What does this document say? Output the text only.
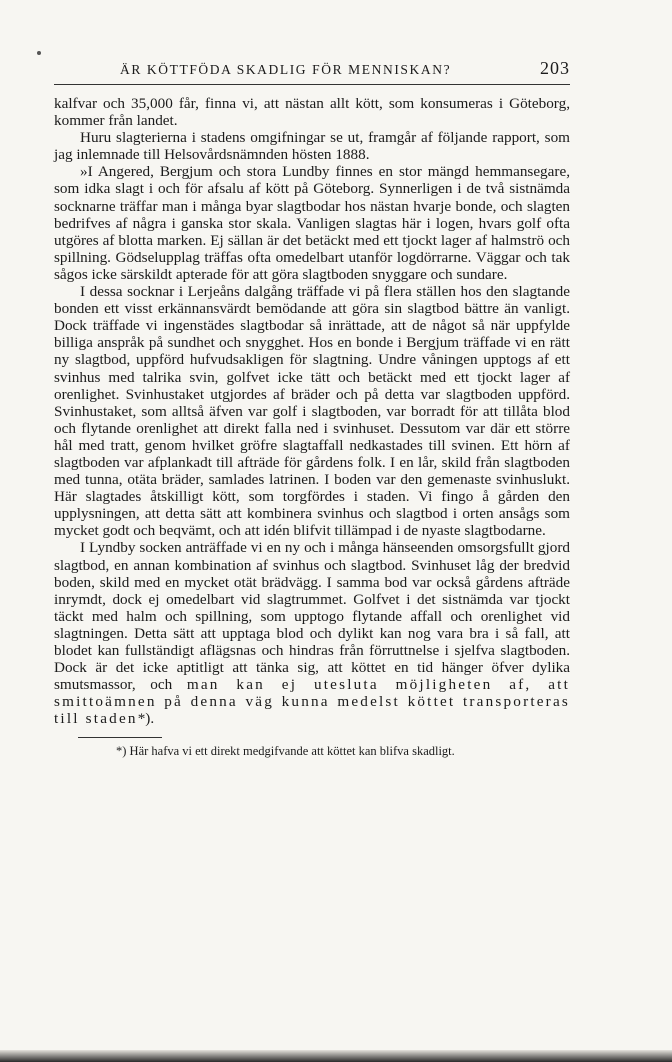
ÄR KÖTTFÖDA SKADLIG FÖR MENNISKAN?	203

kalfvar och 35,000 får, finna vi, att nästan allt kött, som konsumeras i Göteborg, kommer från landet.

Huru slagterierna i stadens omgifningar se ut, framgår af följande rapport, som jag inlemnade till Helsovårdsnämnden hösten 1888.

»I Angered, Bergjum och stora Lundby finnes en stor mängd hemmansegare, som idka slagt i och för afsalu af kött på Göteborg. Synnerligen i de två sistnämda socknarne träffar man i många byar slagtbodar hos nästan hvarje bonde, och slagten bedrifves af några i ganska stor skala. Vanligen slagtas här i logen, hvars golf ofta utgöres af blotta marken. Ej sällan är det betäckt med ett tjockt lager af halmströ och spillning. Gödselupplag träffas ofta omedelbart utanför logdörrarne. Väggar och tak sågos icke särskildt apterade för att göra slagtboden snyggare och sundare.

I dessa socknar i Lerjeåns dalgång träffade vi på flera ställen hos den slagtande bonden ett visst erkännansvärdt bemödande att göra sin slagtbod bättre än vanligt. Dock träffade vi ingenstädes slagtbodar så inrättade, att de något så när uppfylde billiga anspråk på sundhet och snygghet. Hos en bonde i Bergjum träffade vi en rätt ny slagtbod, uppförd hufvudsakligen för slagtning. Undre våningen upptogs af ett svinhus med talrika svin, golfvet icke tätt och betäckt med ett tjockt lager af orenlighet. Svinhustaket utgjordes af bräder och på detta var slagtboden uppförd. Svinhustaket, som alltså äfven var golf i slagtboden, var borradt för att tillåta blod och flytande orenlighet att direkt falla ned i svinhuset. Dessutom var där ett större hål med tratt, genom hvilket gröfre slagtaffall nedkastades till svinen. Ett hörn af slagtboden var afplankadt till afträde för gårdens folk. I en lår, skild från slagtboden med tunna, otäta bräder, samlades latrinen. I boden var den gemenaste svinhuslukt. Här slagtades åtskilligt kött, som torgfördes i staden. Vi fingo å gården den upplysningen, att detta sätt att kombinera svinhus och slagtbod i orten ansågs som mycket godt och beqvämt, och att idén blifvit tillämpad i de nyaste slagtbodarne.

I Lyndby socken anträffade vi en ny och i många hänseenden omsorgsfullt gjord slagtbod, en annan kombination af svinhus och slagtbod. Svinhuset låg der bredvid boden, skild med en mycket otät brädvägg. I samma bod var också gårdens afträde inrymdt, dock ej omedelbart vid slagtrummet. Golfvet i det sistnämda var tjockt täckt med halm och spillning, som upptogo flytande affall och orenlighet vid slagtningen. Detta sätt att upptaga blod och dylikt kan nog vara bra i så fall, att blodet kan fullständigt aflägsnas och hindras från förruttnelse i sjelfva slagtboden. Dock är det icke aptitligt att tänka sig, att köttet en tid hänger öfver dylika smutsmassor, och man kan ej utesluta möjligheten af, att smittoämnen på denna väg kunna medelst köttet transporteras till staden*).

*) Här hafva vi ett direkt medgifvande att köttet kan blifva skadligt.
